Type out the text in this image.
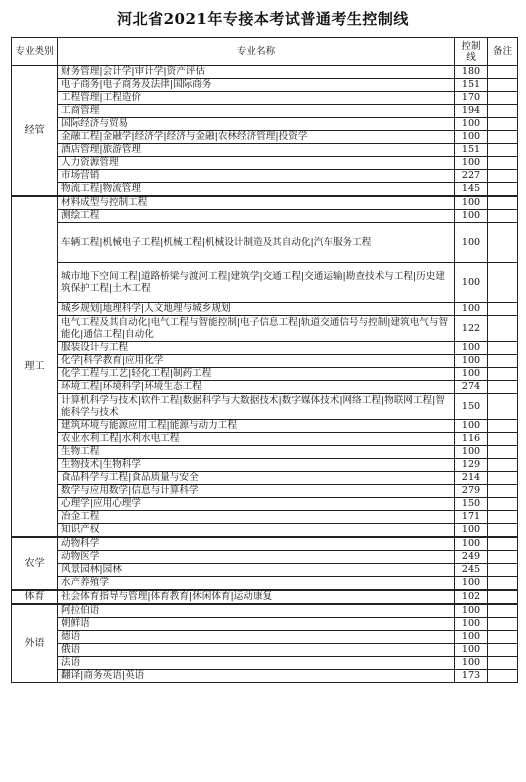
河北省2021年专接本考试普通考生控制线
专业类别	专业名称	控制线	备注
经管	财务管理|会计学|审计学|资产评估	180	
	电子商务|电子商务及法律|国际商务	151	
	工程管理|工程造价	170	
	工商管理	194	
	国际经济与贸易	100	
	金融工程|金融学|经济学|经济与金融|农林经济管理|投资学	100	
	酒店管理|旅游管理	151	
	人力资源管理	100	
	市场营销	227	
	物流工程|物流管理	145	
理工	材料成型与控制工程	100	
	测绘工程	100	
	车辆工程|机械电子工程|机械工程|机械设计制造及其自动化|汽车服务工程	100	
	城市地下空间工程|道路桥梁与渡河工程|建筑学|交通工程|交通运输|勘查技术与工程|历史建筑保护工程|土木工程	100	
	城乡规划|地理科学|人文地理与城乡规划	100	
	电气工程及其自动化|电气工程与智能控制|电子信息工程|轨道交通信号与控制|建筑电气与智能化|通信工程|自动化	122	
	服装设计与工程	100	
	化学|科学教育|应用化学	100	
	化学工程与工艺|轻化工程|制药工程	100	
	环境工程|环境科学|环境生态工程	274	
	计算机科学与技术|软件工程|数据科学与大数据技术|数字媒体技术|网络工程|物联网工程|智能科学与技术	150	
	建筑环境与能源应用工程|能源与动力工程	100	
	农业水利工程|水利水电工程	116	
	生物工程	100	
	生物技术|生物科学	129	
	食品科学与工程|食品质量与安全	214	
	数学与应用数学|信息与计算科学	279	
	心理学|应用心理学	150	
	冶金工程	171	
	知识产权	100	
农学	动物科学	100	
	动物医学	249	
	风景园林|园林	245	
	水产养殖学	100	
体育	社会体育指导与管理|体育教育|休闲体育|运动康复	102	
外语	阿拉伯语	100	
	朝鲜语	100	
	德语	100	
	俄语	100	
	法语	100	
	翻译|商务英语|英语	173	
